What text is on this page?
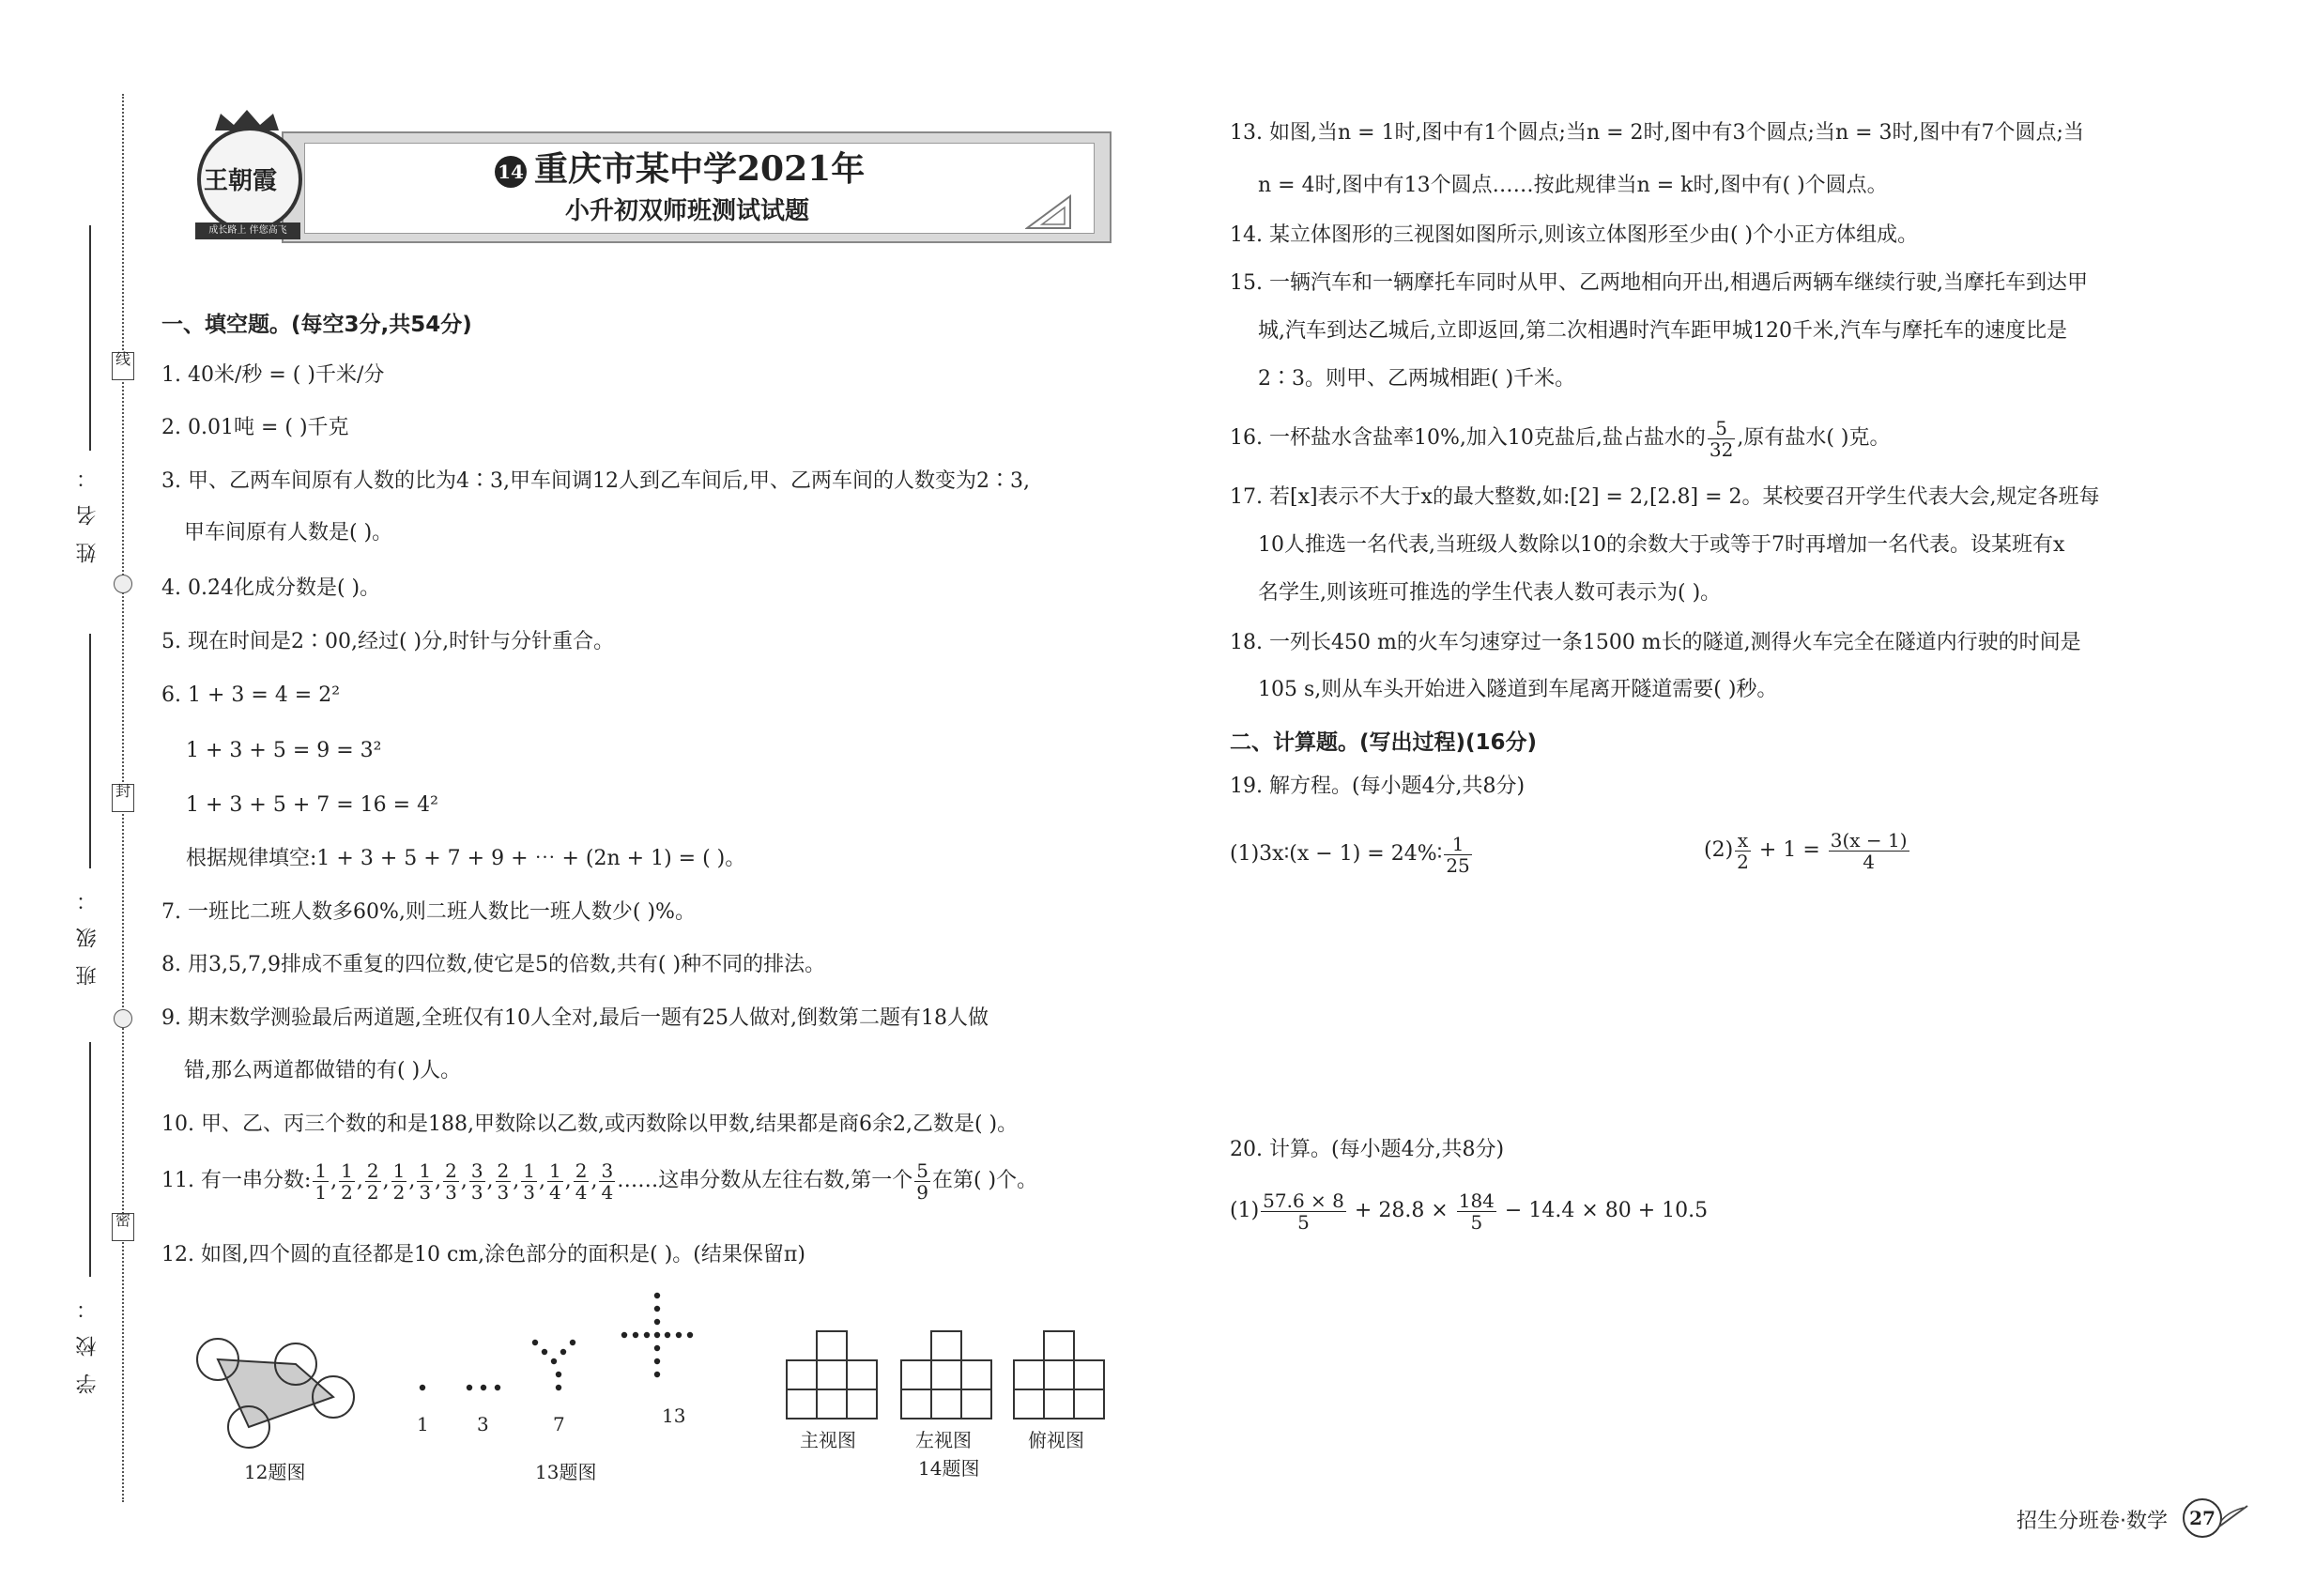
线
封
密
姓名：
班级：
学校：
14 重庆市某中学2021年
小升初双师班测试试题
王朝霞
成长路上 伴您高飞
一、填空题。(每空3分,共54分)
1. 40米/秒 = ( )千米/分
2. 0.01吨 = ( )千克
3. 甲、乙两车间原有人数的比为4∶3,甲车间调12人到乙车间后,甲、乙两车间的人数变为2∶3,
甲车间原有人数是( )。
4. 0.2̇4̇化成分数是( )。
5. 现在时间是2∶00,经过( )分,时针与分针重合。
6. 1 + 3 = 4 = 2²
1 + 3 + 5 = 9 = 3²
1 + 3 + 5 + 7 = 16 = 4²
根据规律填空:1 + 3 + 5 + 7 + 9 + ⋯ + (2n + 1) = ( )。
7. 一班比二班人数多60%,则二班人数比一班人数少( )%。
8. 用3,5,7,9排成不重复的四位数,使它是5的倍数,共有( )种不同的排法。
9. 期末数学测验最后两道题,全班仅有10人全对,最后一题有25人做对,倒数第二题有18人做
错,那么两道都做错的有( )人。
10. 甲、乙、丙三个数的和是188,甲数除以乙数,或丙数除以甲数,结果都是商6余2,乙数是( )。
11. 有一串分数: $\frac{1}{1}$ , $\frac{1}{2}$ , $\frac{2}{2}$ , $\frac{1}{2}$ , $\frac{1}{3}$ , $\frac{2}{3}$ , $\frac{3}{3}$ , $\frac{2}{3}$ , $\frac{1}{3}$ , $\frac{1}{4}$ , $\frac{2}{4}$ , $\frac{3}{4}$ ……这串分数从左往右数,第一个 $\frac{5}{9}$ 在第( )个。
12. 如图,四个圆的直径都是10 cm,涂色部分的面积是( )。(结果保留π)
12题图
1	3	7	13
13题图
主视图	左视图	俯视图
14题图
13. 如图,当n = 1时,图中有1个圆点;当n = 2时,图中有3个圆点;当n = 3时,图中有7个圆点;当
n = 4时,图中有13个圆点……按此规律当n = k时,图中有( )个圆点。
14. 某立体图形的三视图如图所示,则该立体图形至少由( )个小正方体组成。
15. 一辆汽车和一辆摩托车同时从甲、乙两地相向开出,相遇后两辆车继续行驶,当摩托车到达甲
城,汽车到达乙城后,立即返回,第二次相遇时汽车距甲城120千米,汽车与摩托车的速度比是
2∶3。则甲、乙两城相距( )千米。
16. 一杯盐水含盐率10%,加入10克盐后,盐占盐水的 $\frac{5}{32}$ ,原有盐水( )克。
17. 若[x]表示不大于x的最大整数,如:[2] = 2,[2.8] = 2。某校要召开学生代表大会,规定各班每
10人推选一名代表,当班级人数除以10的余数大于或等于7时再增加一名代表。设某班有x
名学生,则该班可推选的学生代表人数可表示为( )。
18. 一列长450 m的火车匀速穿过一条1500 m长的隧道,测得火车完全在隧道内行驶的时间是
105 s,则从车头开始进入隧道到车尾离开隧道需要( )秒。
二、计算题。(写出过程)(16分)
19. 解方程。(每小题4分,共8分)
(1)3x∶(x − 1) = 24%∶ $\frac{1}{25}$	$(2) \frac{x}{2} + 1 = \frac{3(x - 1)}{4}$
20. 计算。(每小题4分,共8分)
$(1) \frac{57.6 \times 8}{5} + 28.8 \times \frac{184}{5} - 14.4 \times 80 + 10.5$
招生分班卷·数学	27
